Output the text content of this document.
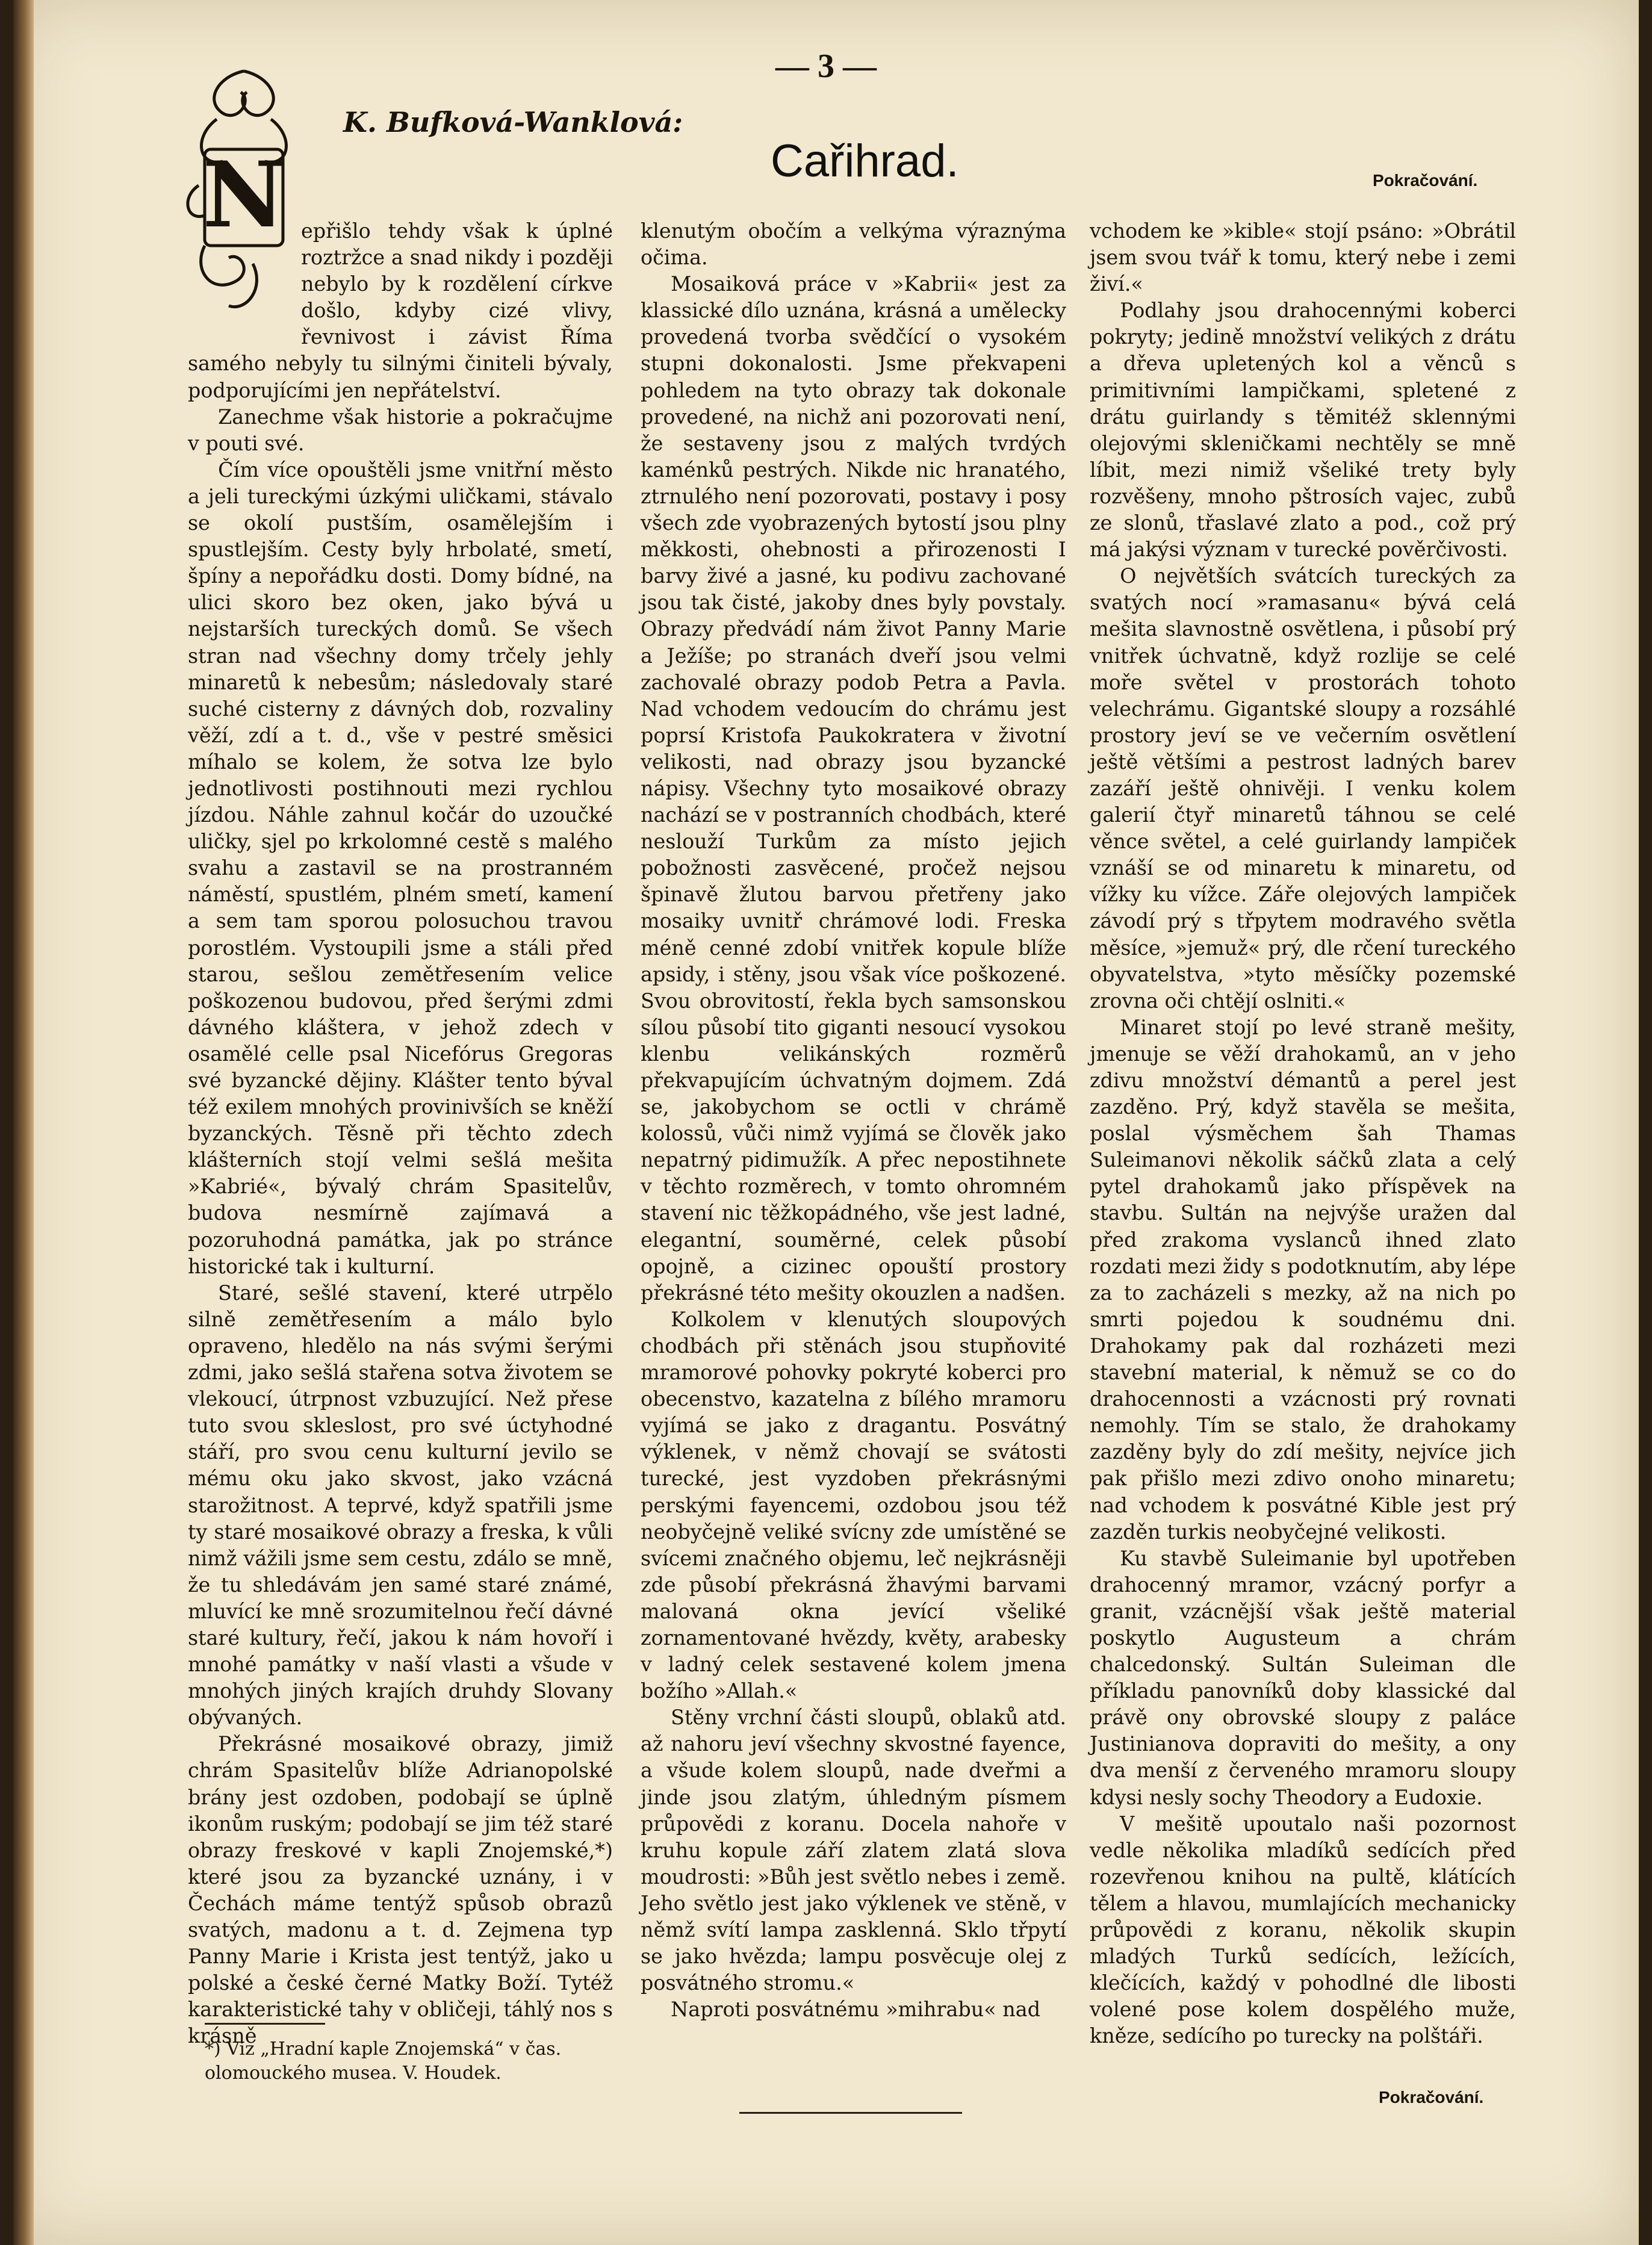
— 3 —
K. Bufková-Wanklová:
Cařihrad.	Pokračování.
N epřišlo tehdy však k úplné roztržce a snad nikdy i později nebylo by k rozdělení církve došlo, kdyby cizé vlivy, řevnivost i závist Říma samého nebyly tu silnými činiteli bývaly, podporujícími jen nepřátelství.

Zanechme však historie a pokračujme v pouti své.

Čím více opouštěli jsme vnitřní město a jeli tureckými úzkými uličkami, stávalo se okolí pustším, osamělejším i spustlejším. Cesty byly hrbolaté, smetí, špíny a nepořádku dosti. Domy bídné, na ulici skoro bez oken, jako bývá u nejstarších tureckých domů. Se všech stran nad všechny domy trčely jehly minaretů k nebesům; následovaly staré suché cisterny z dávných dob, rozvaliny věží, zdí a t. d., vše v pestré směsici míhalo se kolem, že sotva lze bylo jednotlivosti postihnouti mezi rychlou jízdou. Náhle zahnul kočár do uzoučké uličky, sjel po krkolomné cestě s malého svahu a zastavil se na prostranném náměstí, spustlém, plném smetí, kamení a sem tam sporou polosuchou travou porostlém. Vystoupili jsme a stáli před starou, sešlou zemětřesením velice poškozenou budovou, před šerými zdmi dávného kláštera, v jehož zdech v osamělé celle psal Nicefórus Gregoras své byzancké dějiny. Klášter tento býval též exilem mnohých provinivších se kněží byzanckých. Těsně při těchto zdech klášterních stojí velmi sešlá mešita »Kabrié«, bývalý chrám Spasitelův, budova nesmírně zajímavá a pozoruhodná památka, jak po stránce historické tak i kulturní.

Staré, sešlé stavení, které utrpělo silně zemětřesením a málo bylo opraveno, hledělo na nás svými šerými zdmi, jako sešlá stařena sotva životem se vlekoucí, útrpnost vzbuzující. Než přese tuto svou skleslost, pro své úctyhodné stáří, pro svou cenu kulturní jevilo se mému oku jako skvost, jako vzácná starožitnost. A teprvé, když spatřili jsme ty staré mosaikové obrazy a freska, k vůli nimž vážili jsme sem cestu, zdálo se mně, že tu shledávám jen samé staré známé, mluvící ke mně srozumitelnou řečí dávné staré kultury, řečí, jakou k nám hovoří i mnohé památky v naší vlasti a všude v mnohých jiných krajích druhdy Slovany obývaných.

Překrásné mosaikové obrazy, jimiž chrám Spasitelův blíže Adrianopolské brány jest ozdoben, podobají se úplně ikonům ruským; podobají se jim též staré obrazy freskové v kapli Znojemské,*) které jsou za byzancké uznány, i v Čechách máme tentýž spůsob obrazů svatých, madonu a t. d. Zejmena typ Panny Marie i Krista jest tentýž, jako u polské a české černé Matky Boží. Tytéž karakteristické tahy v obličeji, táhlý nos s krásně

klenutým obočím a velkýma výraznýma očima.

Mosaiková práce v »Kabrii« jest za klassické dílo uznána, krásná a umělecky provedená tvorba svědčící o vysokém stupni dokonalosti. Jsme překvapeni pohledem na tyto obrazy tak dokonale provedené, na nichž ani pozorovati není, že sestaveny jsou z malých tvrdých kaménků pestrých. Nikde nic hranatého, ztrnulého není pozorovati, postavy i posy všech zde vyobrazených bytostí jsou plny měkkosti, ohebnosti a přirozenosti I barvy živé a jasné, ku podivu zachované jsou tak čisté, jakoby dnes byly povstaly. Obrazy předvádí nám život Panny Marie a Ježíše; po stranách dveří jsou velmi zachovalé obrazy podob Petra a Pavla. Nad vchodem vedoucím do chrámu jest poprsí Kristofa Paukokratera v životní velikosti, nad obrazy jsou byzancké nápisy. Všechny tyto mosaikové obrazy nachází se v postranních chodbách, které neslouží Turkům za místo jejich pobožnosti zasvěcené, pročež nejsou špinavě žlutou barvou přetřeny jako mosaiky uvnitř chrámové lodi. Freska méně cenné zdobí vnitřek kopule blíže apsidy, i stěny, jsou však více poškozené. Svou obrovitostí, řekla bych samsonskou sílou působí tito giganti nesoucí vysokou klenbu velikánských rozměrů překvapujícím úchvatným dojmem. Zdá se, jakobychom se octli v chrámě kolossů, vůči nimž vyjímá se člověk jako nepatrný pidimužík. A přec nepostihnete v těchto rozměrech, v tomto ohromném stavení nic těžkopádného, vše jest ladné, elegantní, souměrné, celek působí opojně, a cizinec opouští prostory překrásné této mešity okouzlen a nadšen.

Kolkolem v klenutých sloupových chodbách při stěnách jsou stupňovité mramorové pohovky pokryté koberci pro obecenstvo, kazatelna z bílého mramoru vyjímá se jako z dragantu. Posvátný výklenek, v němž chovají se svátosti turecké, jest vyzdoben překrásnými perskými fayencemi, ozdobou jsou též neobyčejně veliké svícny zde umístěné se svícemi značného objemu, leč nejkrásněji zde působí překrásná žhavými barvami malovaná okna jevící všeliké zornamentované hvězdy, květy, arabesky v ladný celek sestavené kolem jmena božího »Allah.«

Stěny vrchní části sloupů, oblaků atd. až nahoru jeví všechny skvostné fayence, a všude kolem sloupů, nade dveřmi a jinde jsou zlatým, úhledným písmem průpovědi z koranu. Docela nahoře v kruhu kopule září zlatem zlatá slova moudrosti: »Bůh jest světlo nebes i země. Jeho světlo jest jako výklenek ve stěně, v němž svítí lampa zasklenná. Sklo třpytí se jako hvězda; lampu posvěcuje olej z posvátného stromu.«

Naproti posvátnému »mihrabu« nad

vchodem ke »kible« stojí psáno: »Obrátil jsem svou tvář k tomu, který nebe i zemi živí.«

Podlahy jsou drahocennými koberci pokryty; jedině množství velikých z drátu a dřeva upletených kol a věnců s primitivními lampičkami, spletené z drátu guirlandy s těmitéž sklennými olejovými skleničkami nechtěly se mně líbit, mezi nimiž všeliké trety byly rozvěšeny, mnoho pštrosích vajec, zubů ze slonů, třaslavé zlato a pod., což prý má jakýsi význam v turecké pověrčivosti.

O největších svátcích tureckých za svatých nocí »ramasanu« bývá celá mešita slavnostně osvětlena, i působí prý vnitřek úchvatně, když rozlije se celé moře světel v prostorách tohoto velechrámu. Gigantské sloupy a rozsáhlé prostory jeví se ve večerním osvětlení ještě většími a pestrost ladných barev zazáří ještě ohnivěji. I venku kolem galerií čtyř minaretů táhnou se celé věnce světel, a celé guirlandy lampiček vznáší se od minaretu k minaretu, od vížky ku vížce. Záře olejových lampiček závodí prý s třpytem modravého světla měsíce, »jemuž« prý, dle rčení tureckého obyvatelstva, »tyto měsíčky pozemské zrovna oči chtějí oslniti.«

Minaret stojí po levé straně mešity, jmenuje se věží drahokamů, an v jeho zdivu množství démantů a perel jest zazděno. Prý, když stavěla se mešita, poslal výsměchem šah Thamas Suleimanovi několik sáčků zlata a celý pytel drahokamů jako příspěvek na stavbu. Sultán na nejvýše uražen dal před zrakoma vyslanců ihned zlato rozdati mezi židy s podotknutím, aby lépe za to zacházeli s mezky, až na nich po smrti pojedou k soudnému dni. Drahokamy pak dal rozházeti mezi stavební material, k němuž se co do drahocennosti a vzácnosti prý rovnati nemohly. Tím se stalo, že drahokamy zazděny byly do zdí mešity, nejvíce jich pak přišlo mezi zdivo onoho minaretu; nad vchodem k posvátné Kible jest prý zazděn turkis neobyčejné velikosti.

Ku stavbě Suleimanie byl upotřeben drahocenný mramor, vzácný porfyr a granit, vzácnější však ještě material poskytlo Augusteum a chrám chalcedonský. Sultán Suleiman dle příkladu panovníků doby klassické dal právě ony obrovské sloupy z paláce Justinianova dopraviti do mešity, a ony dva menší z červeného mramoru sloupy kdysi nesly sochy Theodory a Eudoxie.

V mešitě upoutalo naši pozornost vedle několika mladíků sedících před rozevřenou knihou na pultě, klátících tělem a hlavou, mumlajících mechanicky průpovědi z koranu, několik skupin mladých Turků sedících, ležících, klečících, každý v pohodlné dle libosti volené pose kolem dospělého muže, kněze, sedícího po turecky na polštáři.

*) Viz „Hradní kaple Znojemská“ v čas. olomouckého musea. V. Houdek.
Pokračování.
